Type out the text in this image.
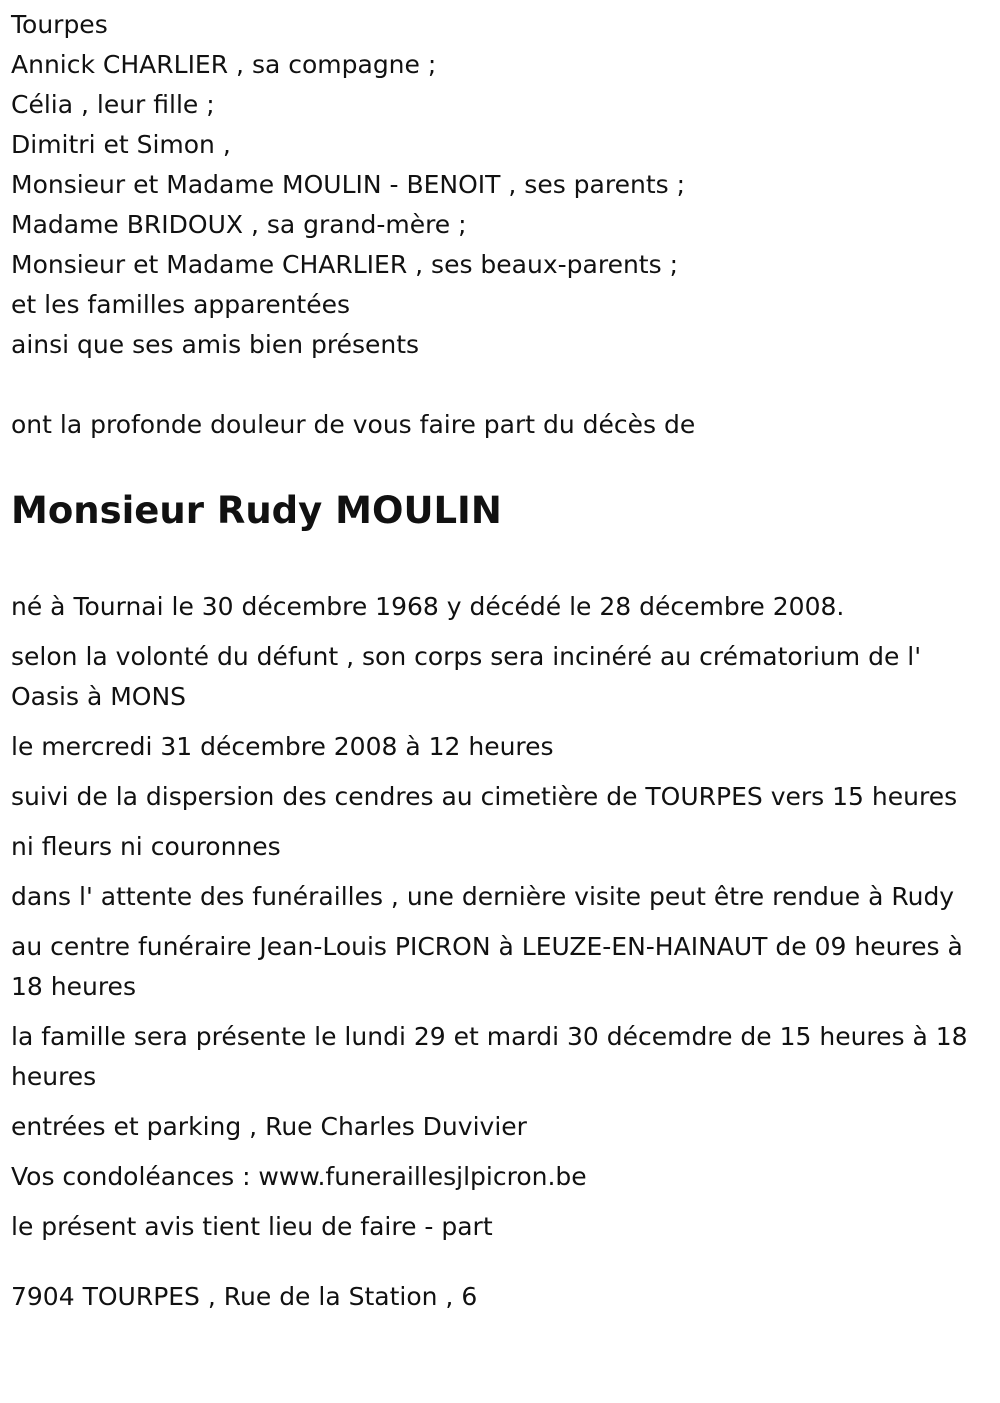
Tourpes

Annick CHARLIER , sa compagne ;

Célia , leur fille ;

Dimitri et Simon ,

Monsieur et Madame MOULIN - BENOIT , ses parents ;

Madame BRIDOUX , sa grand-mère ;

Monsieur et Madame CHARLIER , ses beaux-parents ;

et les familles apparentées

ainsi que ses amis bien présents

ont la profonde douleur de vous faire part du décès de

Monsieur Rudy MOULIN

né à Tournai le 30 décembre 1968 y décédé le 28 décembre 2008.

selon la volonté du défunt , son corps sera incinéré au crématorium de l' Oasis à MONS

le mercredi 31 décembre 2008 à 12 heures

suivi de la dispersion des cendres au cimetière de TOURPES vers 15 heures

ni fleurs ni couronnes

dans l' attente des funérailles , une dernière visite peut être rendue à Rudy

au centre funéraire Jean-Louis PICRON à LEUZE-EN-HAINAUT de 09 heures à 18 heures

la famille sera présente le lundi 29 et mardi 30 décemdre de 15 heures à 18 heures

entrées et parking , Rue Charles Duvivier

Vos condoléances : www.funeraillesjlpicron.be

le présent avis tient lieu de faire - part

7904 TOURPES , Rue de la Station , 6
